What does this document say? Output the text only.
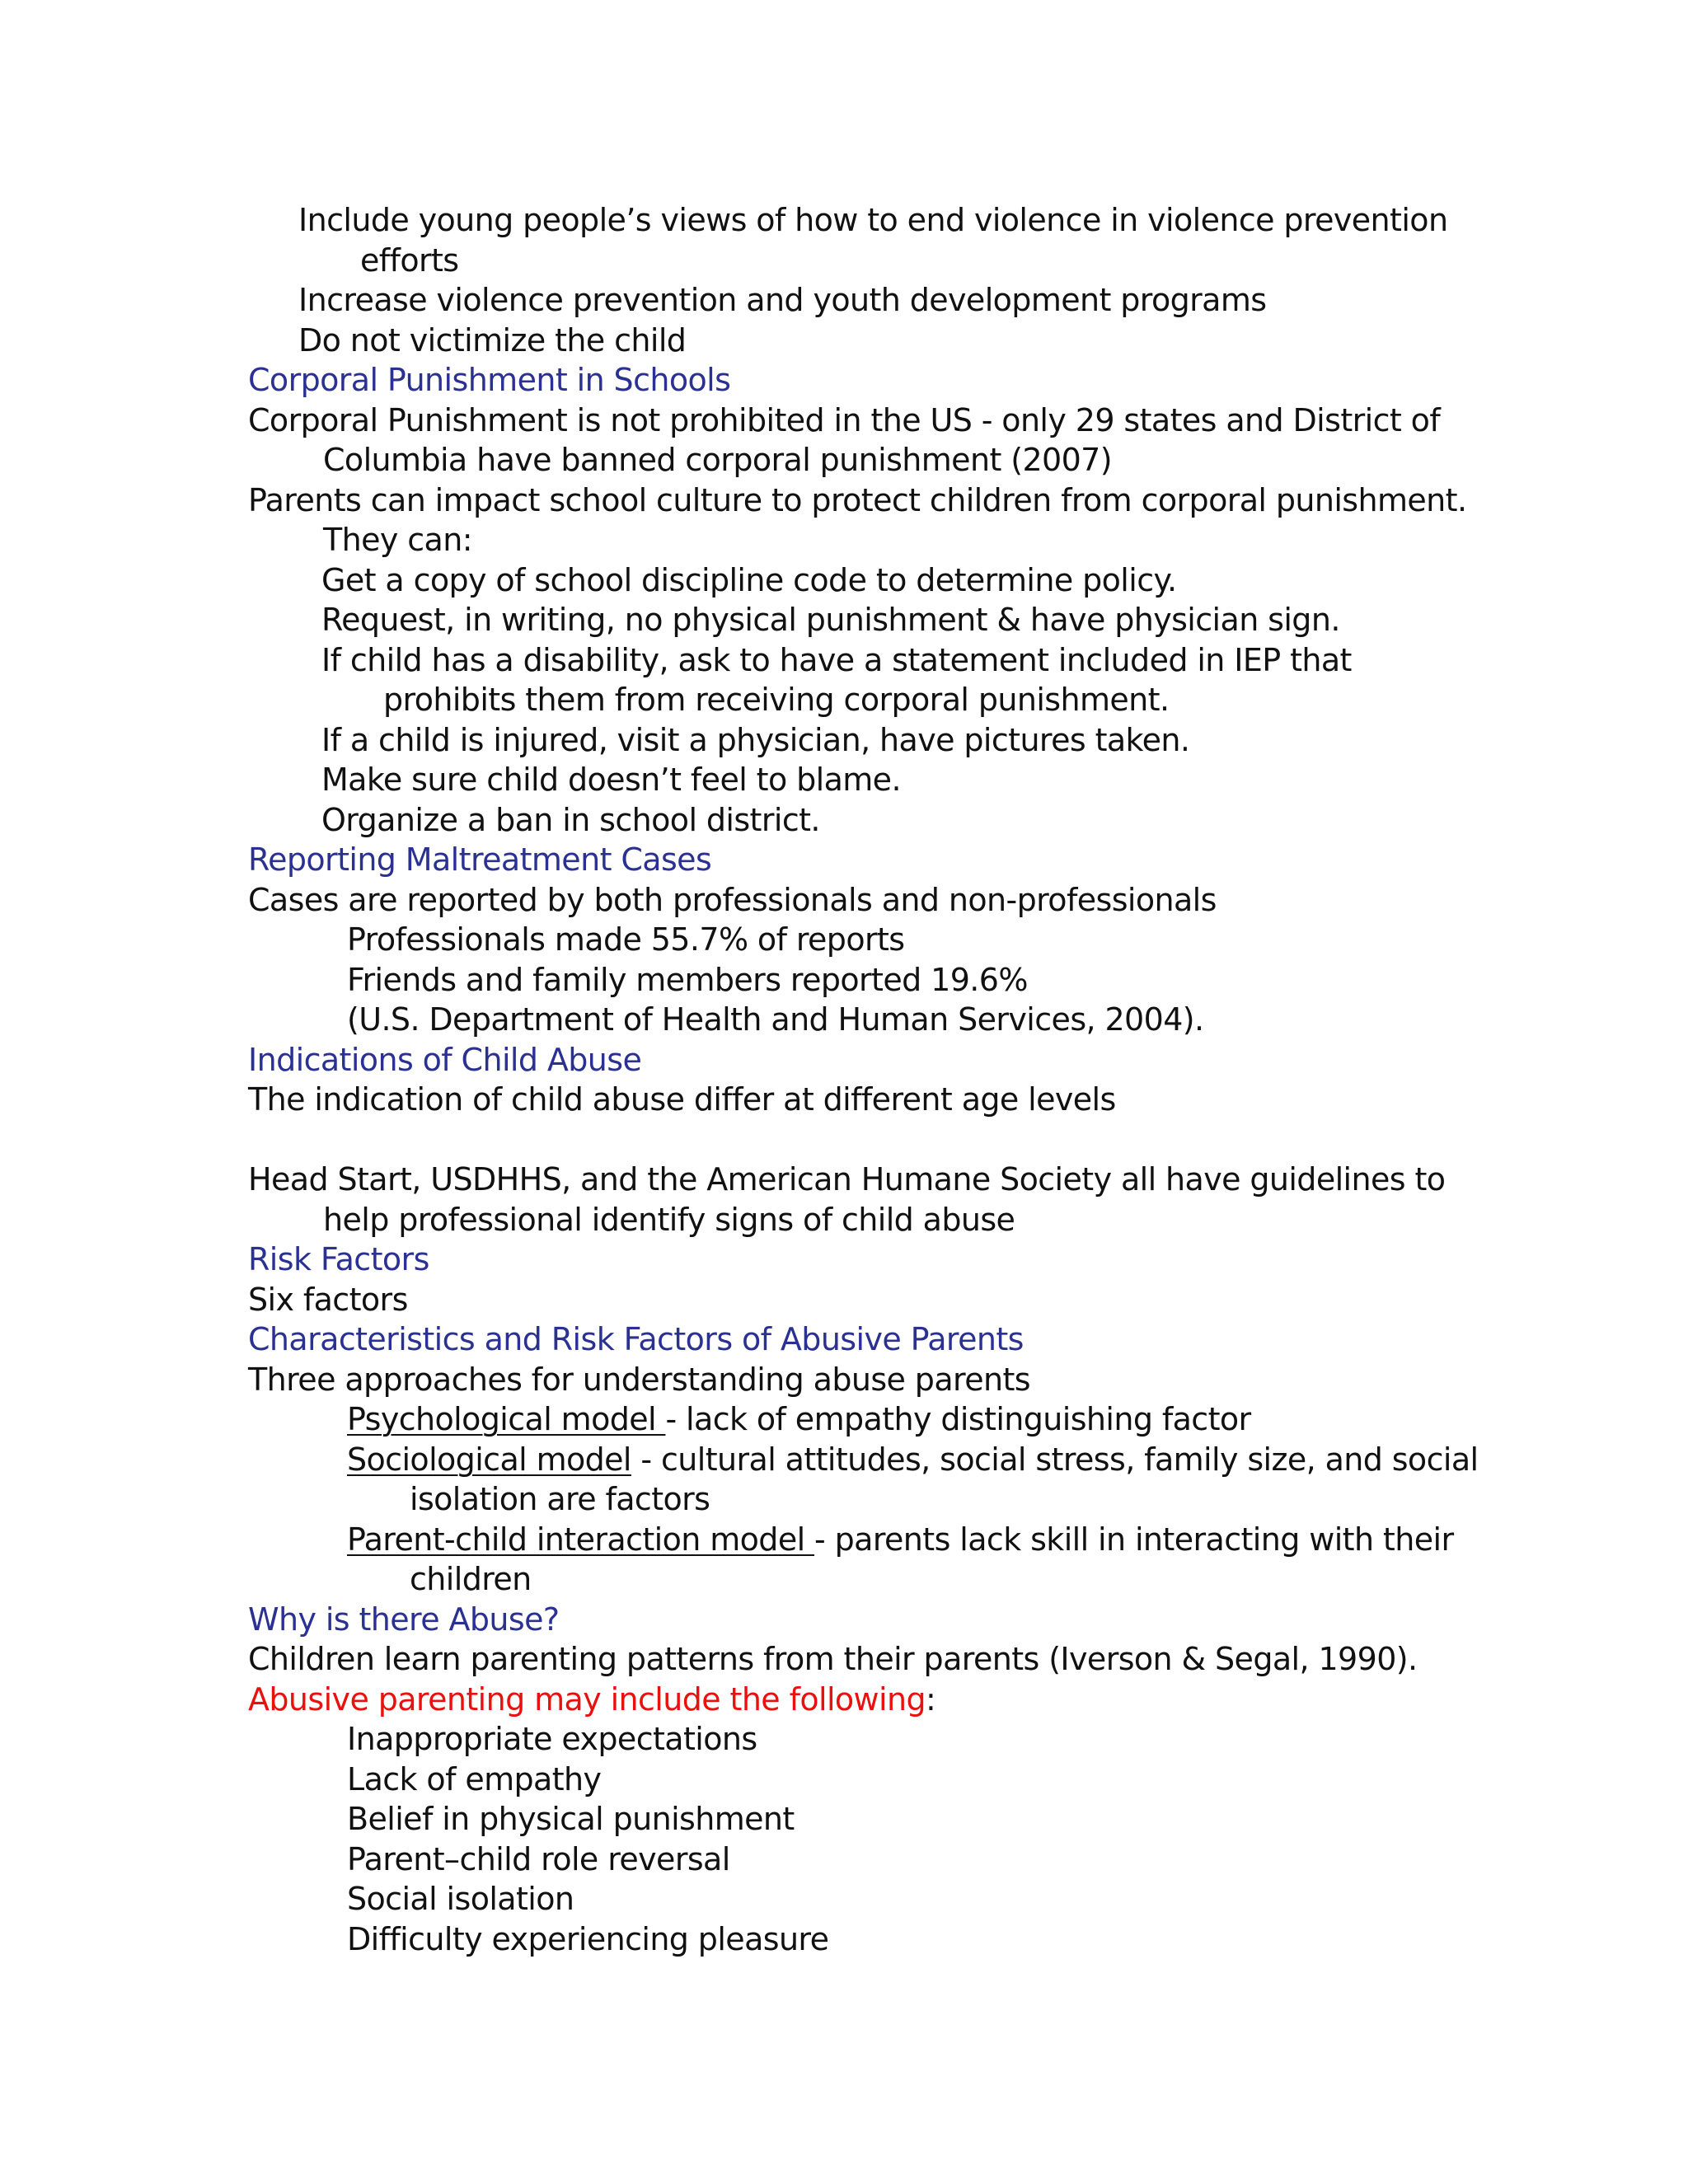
Include young people’s views of how to end violence in violence prevention
efforts
Increase violence prevention and youth development programs
Do not victimize the child
Corporal Punishment in Schools
Corporal Punishment is not prohibited in the US - only 29 states and District of
Columbia have banned corporal punishment (2007)
Parents can impact school culture to protect children from corporal punishment.
They can:
Get a copy of school discipline code to determine policy.
Request, in writing, no physical punishment & have physician sign.
If child has a disability, ask to have a statement included in IEP that
prohibits them from receiving corporal punishment.
If a child is injured, visit a physician, have pictures taken.
Make sure child doesn’t feel to blame.
Organize a ban in school district.
Reporting Maltreatment Cases
Cases are reported by both professionals and non-professionals
Professionals made 55.7% of reports
Friends and family members reported 19.6%
(U.S. Department of Health and Human Services, 2004).
Indications of Child Abuse
The indication of child abuse differ at different age levels
Head Start, USDHHS, and the American Humane Society all have guidelines to
help professional identify signs of child abuse
Risk Factors
Six factors
Characteristics and Risk Factors of Abusive Parents
Three approaches for understanding abuse parents
Psychological model - lack of empathy distinguishing factor
Sociological model - cultural attitudes, social stress, family size, and social
isolation are factors
Parent-child interaction model - parents lack skill in interacting with their
children
Why is there Abuse?
Children learn parenting patterns from their parents (Iverson & Segal, 1990).
Abusive parenting may include the following:
Inappropriate expectations
Lack of empathy
Belief in physical punishment
Parent–child role reversal
Social isolation
Difficulty experiencing pleasure
